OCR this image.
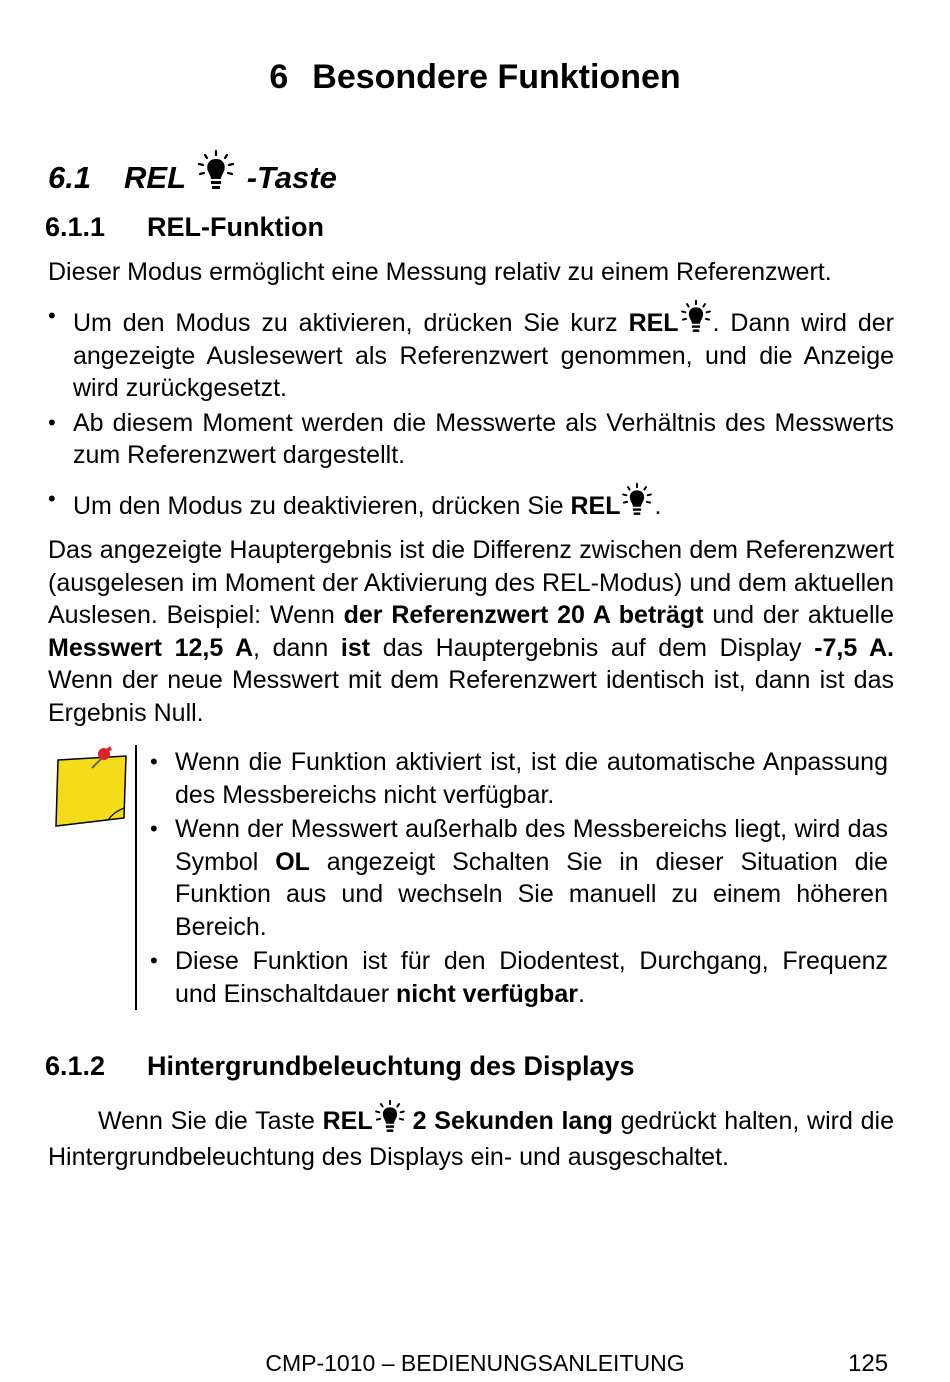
6 Besondere Funktionen
6.1 REL -Taste
6.1.1 REL-Funktion
Dieser Modus ermöglicht eine Messung relativ zu einem Referenzwert.
• Um den Modus zu aktivieren, drücken Sie kurz REL . Dann wird der angezeigte Auslesewert als Referenzwert genommen, und die Anzeige wird zurückgesetzt.
• Ab diesem Moment werden die Messwerte als Verhältnis des Messwerts zum Referenzwert dargestellt.
• Um den Modus zu deaktivieren, drücken Sie REL .
Das angezeigte Hauptergebnis ist die Differenz zwischen dem Referenzwert (ausgelesen im Moment der Aktivierung des REL-Modus) und dem aktuellen Auslesen. Beispiel: Wenn der Referenzwert 20 A beträgt und der aktuelle Messwert 12,5 A, dann ist das Hauptergebnis auf dem Display -7,5 A. Wenn der neue Messwert mit dem Referenzwert identisch ist, dann ist das Ergebnis Null.
• Wenn die Funktion aktiviert ist, ist die automatische Anpassung des Messbereichs nicht verfügbar.
• Wenn der Messwert außerhalb des Messbereichs liegt, wird das Symbol OL angezeigt Schalten Sie in dieser Situation die Funktion aus und wechseln Sie manuell zu einem höheren Bereich.
• Diese Funktion ist für den Diodentest, Durchgang, Frequenz und Einschaltdauer nicht verfügbar.
6.1.2 Hintergrundbeleuchtung des Displays
Wenn Sie die Taste REL 2 Sekunden lang gedrückt halten, wird die Hintergrundbeleuchtung des Displays ein- und ausgeschaltet.
CMP-1010 – BEDIENUNGSANLEITUNG	125
